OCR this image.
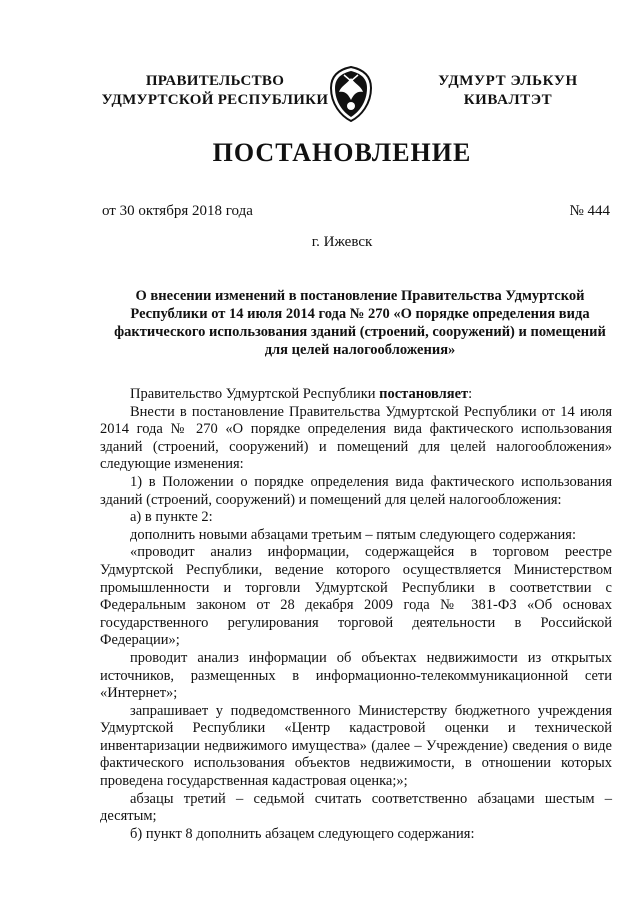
ПРАВИТЕЛЬСТВО
УДМУРТСКОЙ РЕСПУБЛИКИ
УДМУРТ ЭЛЬКУН
КИВАЛТЭТ
ПОСТАНОВЛЕНИЕ
от 30 октября 2018 года	№ 444
г. Ижевск
О внесении изменений в постановление Правительства Удмуртской Республики от 14 июля 2014 года № 270 «О порядке определения вида фактического использования зданий (строений, сооружений) и помещений для целей налогообложения»

Правительство Удмуртской Республики постановляет:

Внести в постановление Правительства Удмуртской Республики от 14 июля 2014 года № 270 «О порядке определения вида фактического использования зданий (строений, сооружений) и помещений для целей налогообложения» следующие изменения:

1) в Положении о порядке определения вида фактического использования зданий (строений, сооружений) и помещений для целей налогообложения:

а) в пункте 2:

дополнить новыми абзацами третьим – пятым следующего содержания:

«проводит анализ информации, содержащейся в торговом реестре Удмуртской Республики, ведение которого осуществляется Министерством промышленности и торговли Удмуртской Республики в соответствии с Федеральным законом от 28 декабря 2009 года № 381-ФЗ «Об основах государственного регулирования торговой деятельности в Российской Федерации»;

проводит анализ информации об объектах недвижимости из открытых источников, размещенных в информационно-телекоммуникационной сети «Интернет»;

запрашивает у подведомственного Министерству бюджетного учреждения Удмуртской Республики «Центр кадастровой оценки и технической инвентаризации недвижимого имущества» (далее – Учреждение) сведения о виде фактического использования объектов недвижимости, в отношении которых проведена государственная кадастровая оценка;»;

абзацы третий – седьмой считать соответственно абзацами шестым – десятым;

б) пункт 8 дополнить абзацем следующего содержания:
